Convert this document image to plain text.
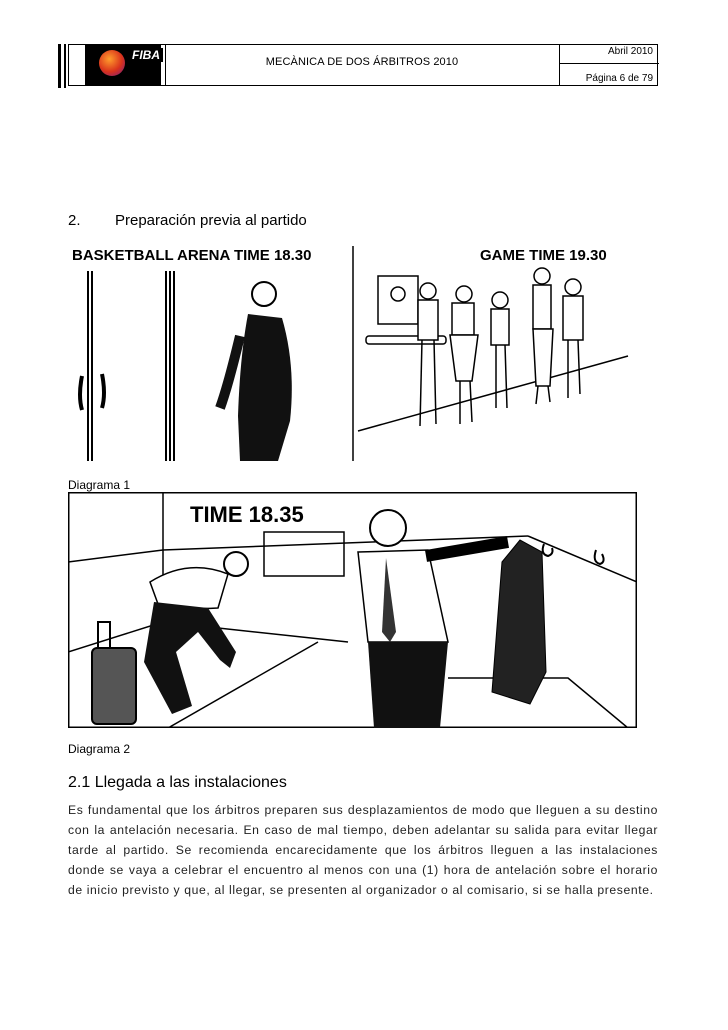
FIBA	MECÀNICA DE DOS ÁRBITROS 2010
Abril 2010
Página 6 de 79
2. Preparación previa al partido
BASKETBALL ARENA TIME 18.30	GAME TIME 19.30
Diagrama 1
TIME 18.35
Diagrama 2
2.1 Llegada a las instalaciones
Es fundamental que los árbitros preparen sus desplazamientos de modo que lleguen a su destino con la antelación necesaria. En caso de mal tiempo, deben adelantar su salida para evitar llegar tarde al partido. Se recomienda encarecidamente que los árbitros lleguen a las instalaciones donde se vaya a celebrar el encuentro al menos con una (1) hora de antelación sobre el horario de inicio previsto y que, al llegar, se presenten al organizador o al comisario, si se halla presente.
